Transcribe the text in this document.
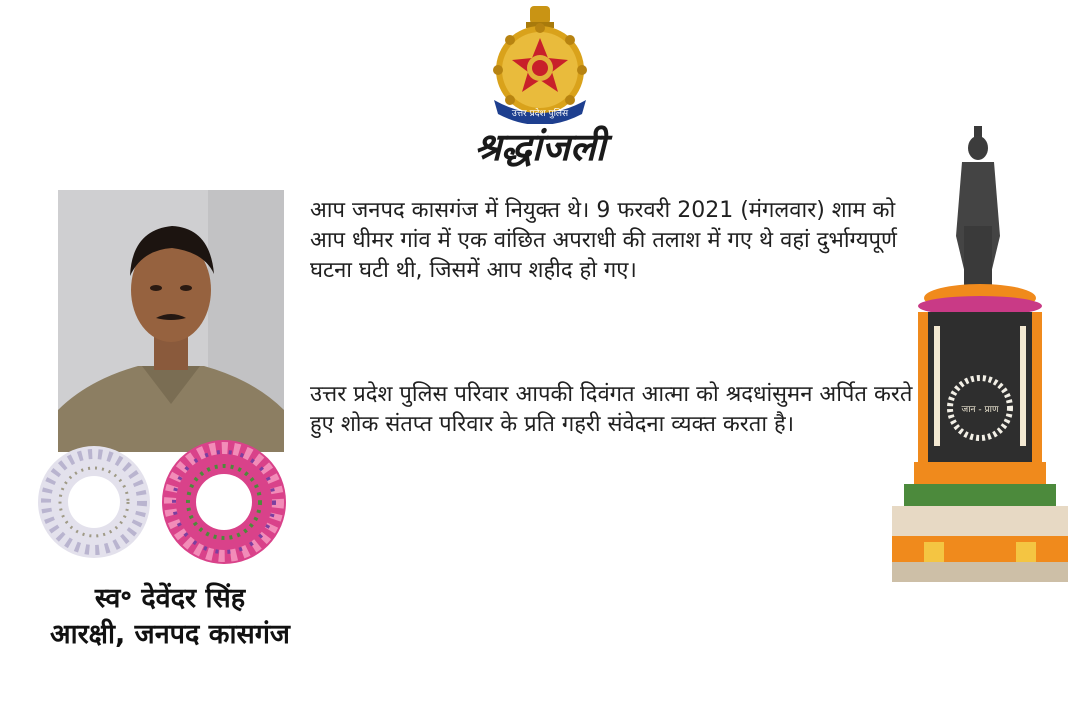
उत्तर प्रदेश पुलिस
श्रद्धांजली
आप जनपद कासगंज में नियुक्त थे। 9 फरवरी 2021 (मंगलवार) शाम को आप धीमर गांव में एक वांछित अपराधी की तलाश में गए थे वहां दुर्भाग्यपूर्ण घटना घटी थी, जिसमें आप शहीद हो गए।
उत्तर प्रदेश पुलिस परिवार आपकी दिवंगत आत्मा को श्रदधांसुमन अर्पित करते हुए शोक संतप्त परिवार के प्रति गहरी संवेदना व्यक्त करता है।
स्व॰ देवेंदर सिंह
आरक्षी, जनपद कासगंज
जान - प्राण
